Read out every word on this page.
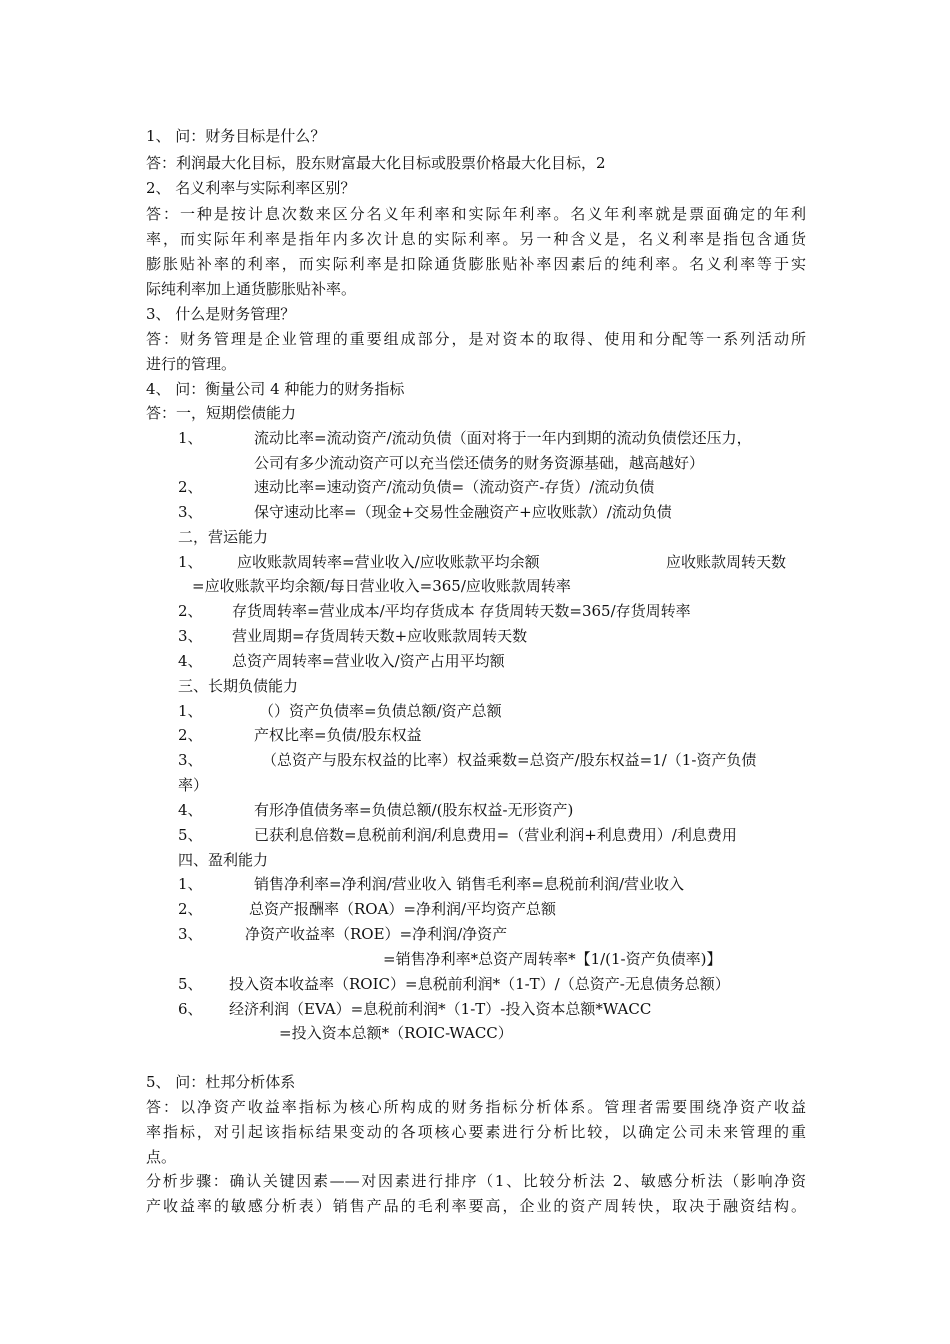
1、 问：财务目标是什么？
答：利润最大化目标，股东财富最大化目标或股票价格最大化目标，2
2、 名义利率与实际利率区别？
答：一种是按计息次数来区分名义年利率和实际年利率。名义年利率就是票面确定的年利
率，而实际年利率是指年内多次计息的实际利率。另一种含义是，名义利率是指包含通货
膨胀贴补率的利率，而实际利率是扣除通货膨胀贴补率因素后的纯利率。名义利率等于实
际纯利率加上通货膨胀贴补率。
3、 什么是财务管理？
答：财务管理是企业管理的重要组成部分，是对资本的取得、使用和分配等一系列活动所
进行的管理。
4、 问：衡量公司 4 种能力的财务指标
答：一，短期偿债能力
1、	流动比率=流动资产/流动负债（面对将于一年内到期的流动负债偿还压力，
公司有多少流动资产可以充当偿还债务的财务资源基础，越高越好）
2、	速动比率=速动资产/流动负债=（流动资产-存货）/流动负债
3、	保守速动比率=（现金+交易性金融资产+应收账款）/流动负债
二，营运能力
1、 应收账款周转率=营业收入/应收账款平均余额	应收账款周转天数
=应收账款平均余额/每日营业收入=365/应收账款周转率
2、 存货周转率=营业成本/平均存货成本 存货周转天数=365/存货周转率
3、 营业周期=存货周转天数+应收账款周转天数
4、 总资产周转率=营业收入/资产占用平均额
三、长期负债能力
1、	（）资产负债率=负债总额/资产总额
2、	产权比率=负债/股东权益
3、	（总资产与股东权益的比率）权益乘数=总资产/股东权益=1/（1-资产负债
率）
4、	有形净值债务率=负债总额/(股东权益-无形资产)
5、	已获利息倍数=息税前利润/利息费用=（营业利润+利息费用）/利息费用
四、盈利能力
1、	销售净利率=净利润/营业收入 销售毛利率=息税前利润/营业收入
2、	总资产报酬率（ROA）=净利润/平均资产总额
3、	净资产收益率（ROE）=净利润/净资产
=销售净利率*总资产周转率*【1/(1-资产负债率)】
5、 投入资本收益率（ROIC）=息税前利润*（1-T）/（总资产-无息债务总额）
6、 经济利润（EVA）=息税前利润*（1-T）-投入资本总额*WACC
=投入资本总额*（ROIC-WACC）
5、 问：杜邦分析体系
答：以净资产收益率指标为核心所构成的财务指标分析体系。管理者需要围绕净资产收益
率指标，对引起该指标结果变动的各项核心要素进行分析比较，以确定公司未来管理的重
点。
分析步骤：确认关键因素——对因素进行排序（1、比较分析法 2、敏感分析法（影响净资
产收益率的敏感分析表）销售产品的毛利率要高，企业的资产周转快，取决于融资结构。
